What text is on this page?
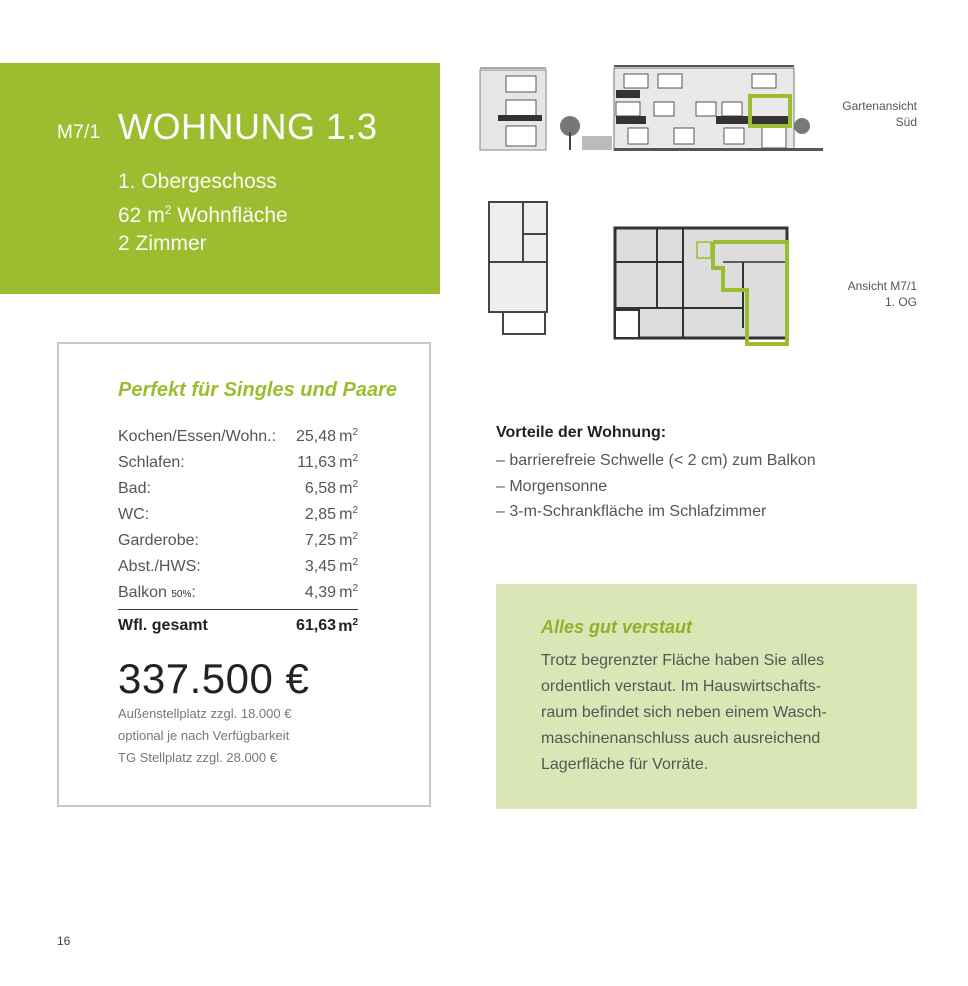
M7/1 WOHNUNG 1.3
1. Obergeschoss
62 $m^2$ Wohnfläche
2 Zimmer
Gartenansicht
Süd
Ansicht M7/1
1. OG
Perfekt für Singles und Paare
Kochen/Essen/Wohn.:	25,48 $m^2$
Schlafen:	11,63 $m^2$
Bad:	6,58 $m^2$
WC:	2,85 $m^2$
Garderobe:	7,25 $m^2$
Abst./HWS:	3,45 $m^2$
Balkon 50%:	4,39 $m^2$
Wfl. gesamt	61,63 $m^2$
337.500 €
Außenstellplatz zzgl. 18.000 €
optional je nach Verfügbarkeit
TG Stellplatz zzgl. 28.000 €
Vorteile der Wohnung:
– barrierefreie Schwelle (< 2 cm) zum Balkon
– Morgensonne
– 3-m-Schrankfläche im Schlafzimmer
Alles gut verstaut
Trotz begrenzter Fläche haben Sie alles
ordentlich verstaut. Im Hauswirtschafts-
raum befindet sich neben einem Wasch-
maschinenanschluss auch ausreichend
Lagerfläche für Vorräte.
16
